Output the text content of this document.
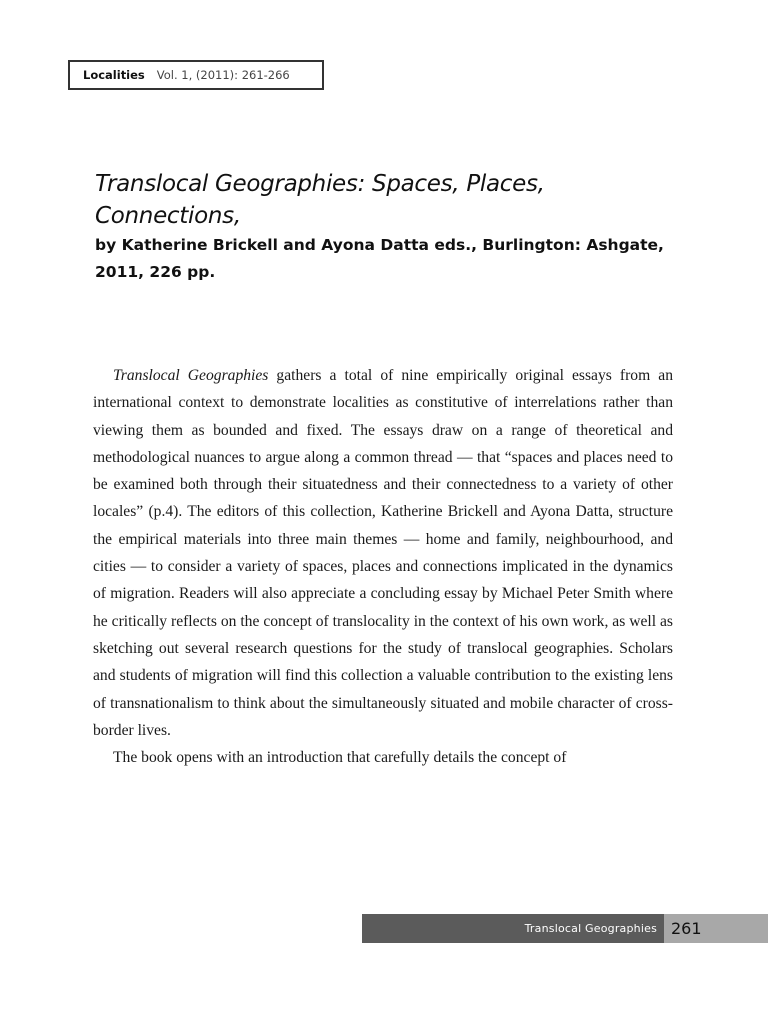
Localities Vol. 1, (2011): 261-266

Translocal Geographies: Spaces, Places, Connections,

by Katherine Brickell and Ayona Datta eds., Burlington: Ashgate, 2011, 226 pp.

Translocal Geographies gathers a total of nine empirically original essays from an international context to demonstrate localities as constitutive of interrelations rather than viewing them as bounded and fixed. The essays draw on a range of theoretical and methodological nuances to argue along a common thread — that “spaces and places need to be examined both through their situatedness and their connectedness to a variety of other locales” (p.4). The editors of this collection, Katherine Brickell and Ayona Datta, structure the empirical materials into three main themes — home and family, neighbourhood, and cities — to consider a variety of spaces, places and connections implicated in the dynamics of migration. Readers will also appreciate a concluding essay by Michael Peter Smith where he critically reflects on the concept of translocality in the context of his own work, as well as sketching out several research questions for the study of translocal geographies. Scholars and students of migration will find this collection a valuable contribution to the existing lens of transnationalism to think about the simultaneously situated and mobile character of cross-border lives.

The book opens with an introduction that carefully details the concept of

Translocal Geographies 261
